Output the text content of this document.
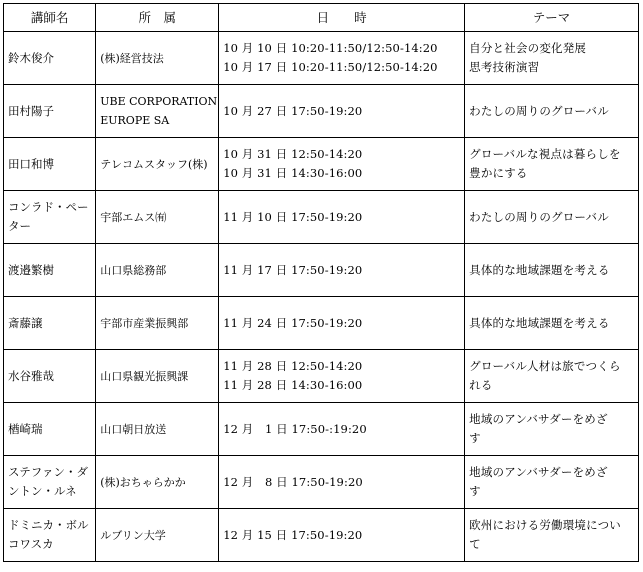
講師名	所　属	日　　時	テーマ

鈴木俊介	(株)経営技法	10 月 10 日 10:20-11:50/12:50-14:20
10 月 17 日 10:20-11:50/12:50-14:20	自分と社会の変化発展
思考技術演習

田村陽子	UBE CORPORATION
EUROPE SA	10 月 27 日 17:50-19:20	わたしの周りのグローバル

田口和博	テレコムスタッフ(株)	10 月 31 日 12:50-14:20
10 月 31 日 14:30-16:00	グローバルな視点は暮らしを
豊かにする

コンラド・ペー
ター	宇部エムス㈲	11 月 10 日 17:50-19:20	わたしの周りのグローバル

渡邉繁樹	山口県総務部	11 月 17 日 17:50-19:20	具体的な地域課題を考える

斎藤譲	宇部市産業振興部	11 月 24 日 17:50-19:20	具体的な地域課題を考える

水谷雅哉	山口県観光振興課	11 月 28 日 12:50-14:20
11 月 28 日 14:30-16:00	グローバル人材は旅でつくら
れる

楢崎瑞	山口朝日放送	12 月　1 日 17:50-:19:20	地域のアンバサダーをめざ
す

ステファン・ダ
ントン・ルネ	(株)おちゃらかか	12 月　8 日 17:50-19:20	地域のアンバサダーをめざ
す

ドミニカ・ボル
コワスカ	ルブリン大学	12 月 15 日 17:50-19:20	欧州における労働環境につい
て
